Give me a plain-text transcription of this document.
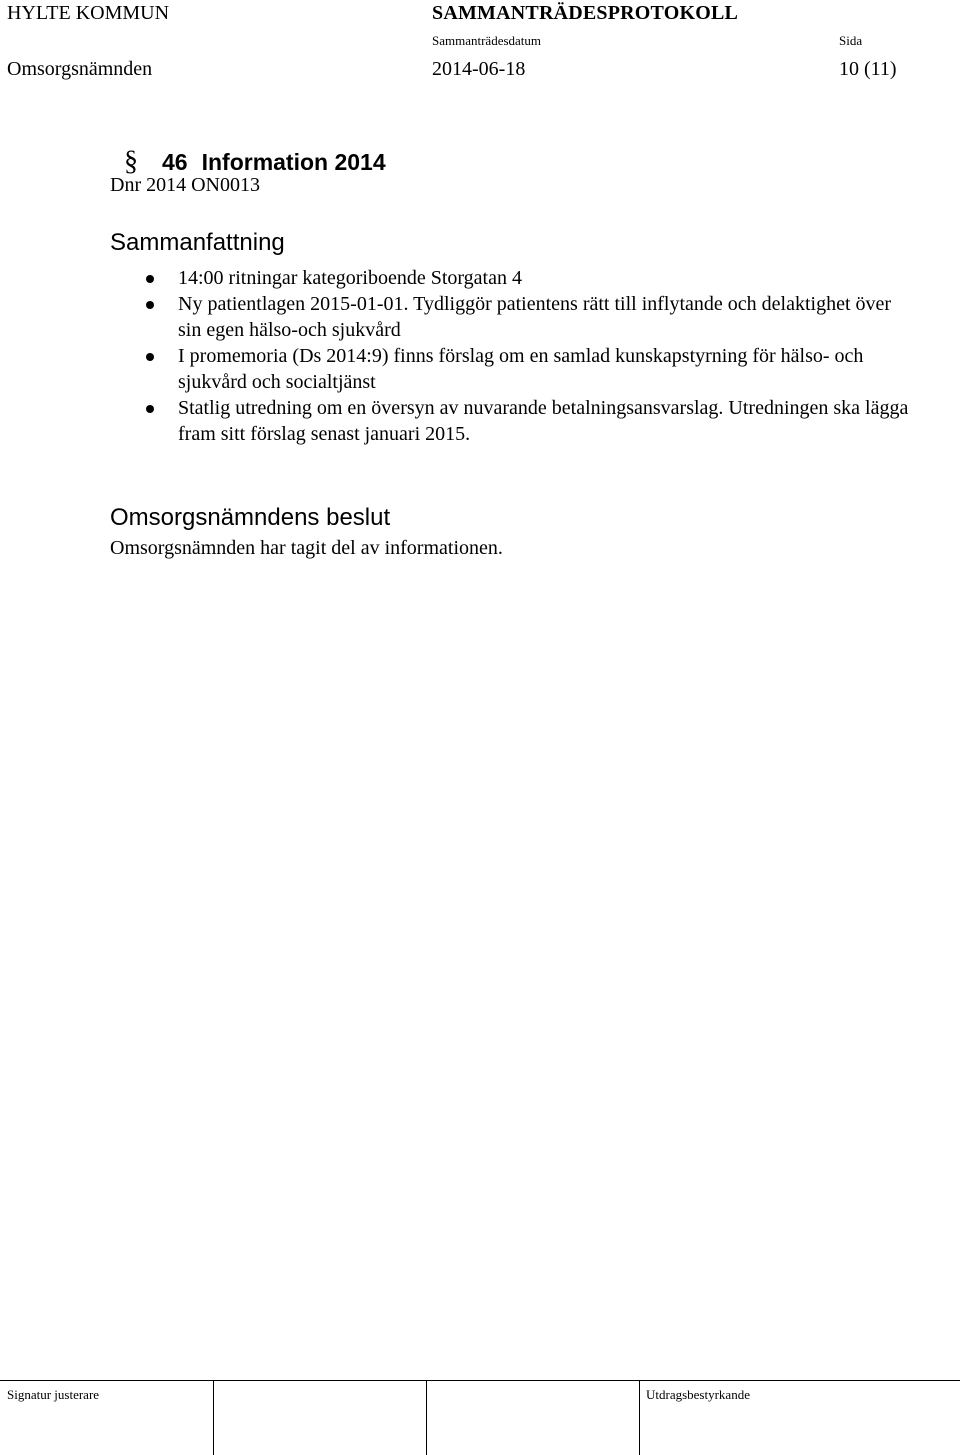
HYLTE KOMMUN	SAMMANTRÄDESPROTOKOLL
Sammanträdesdatum	Sida
Omsorgsnämnden	2014-06-18	10 (11)
§	46 Information 2014
Dnr 2014 ON0013
Sammanfattning
14:00 ritningar kategoriboende Storgatan 4
Ny patientlagen 2015-01-01. Tydliggör patientens rätt till inflytande och delaktighet över sin egen hälso-och sjukvård
I promemoria (Ds 2014:9) finns förslag om en samlad kunskapstyrning för hälso- och sjukvård och socialtjänst
Statlig utredning om en översyn av nuvarande betalningsansvarslag. Utredningen ska lägga fram sitt förslag senast januari 2015.
Omsorgsnämndens beslut
Omsorgsnämnden har tagit del av informationen.
Signatur justerare	Utdragsbestyrkande
